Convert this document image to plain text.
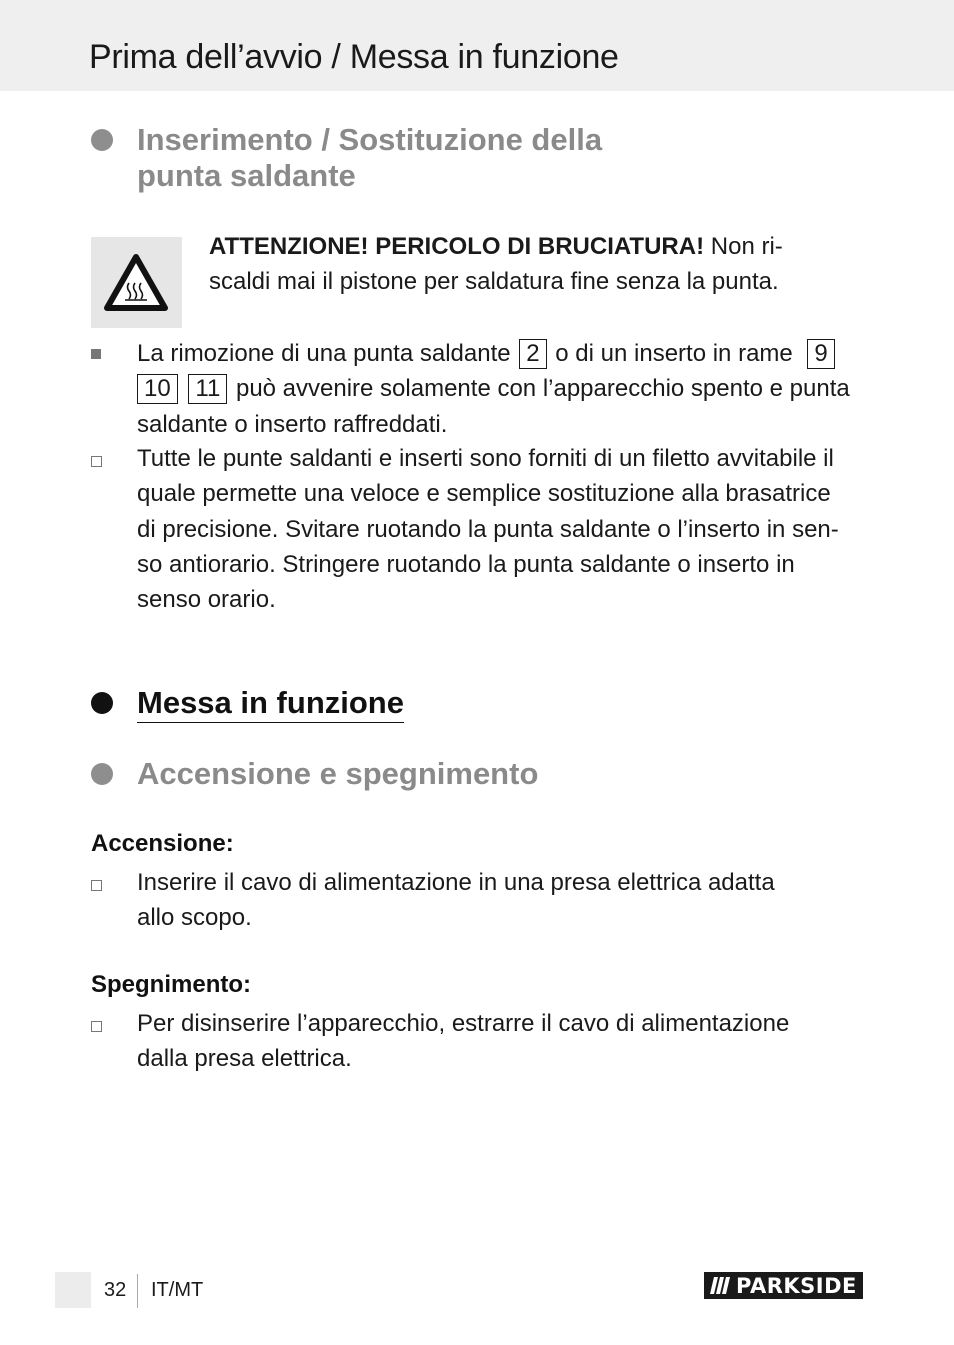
Prima dell’avvio / Messa in funzione
Inserimento / Sostituzione della
punta saldante

ATTENZIONE! PERICOLO DI BRUCIATURA! Non ri-
scaldi mai il pistone per saldatura fine senza la punta.

La rimozione di una punta saldante 2 o di un inserto in rame 9
10 11 può avvenire solamente con l’apparecchio spento e punta
saldante o inserto raffreddati.
Tutte le punte saldanti e inserti sono forniti di un filetto avvitabile il
quale permette una veloce e semplice sostituzione alla brasatrice
di precisione. Svitare ruotando la punta saldante o l’inserto in sen-
so antiorario. Stringere ruotando la punta saldante o inserto in
senso orario.
Messa in funzione
Accensione e spegnimento

Accensione:

Inserire il cavo di alimentazione in una presa elettrica adatta
allo scopo.

Spegnimento:

Per disinserire l’apparecchio, estrarre il cavo di alimentazione
dalla presa elettrica.
32 IT/MT	PARKSIDE
